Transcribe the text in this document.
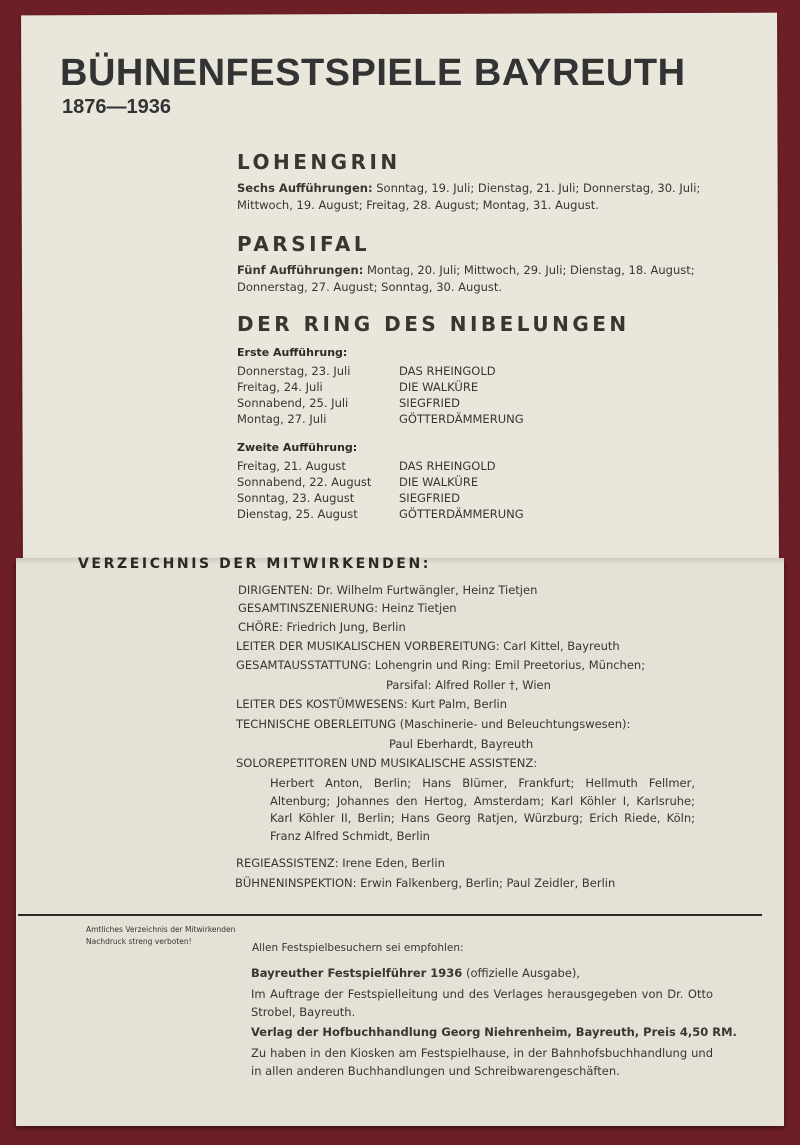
BÜHNENFESTSPIELE BAYREUTH
1876—1936
LOHENGRIN
Sechs Aufführungen: Sonntag, 19. Juli; Dienstag, 21. Juli; Donnerstag, 30. Juli;
Mittwoch, 19. August; Freitag, 28. August; Montag, 31. August.
PARSIFAL
Fünf Aufführungen: Montag, 20. Juli; Mittwoch, 29. Juli; Dienstag, 18. August;
Donnerstag, 27. August; Sonntag, 30. August.
DER RING DES NIBELUNGEN
Erste Aufführung:
Donnerstag, 23. Juli	DAS RHEINGOLD
Freitag, 24. Juli	DIE WALKÜRE
Sonnabend, 25. Juli	SIEGFRIED
Montag, 27. Juli	GÖTTERDÄMMERUNG
Zweite Aufführung:
Freitag, 21. August	DAS RHEINGOLD
Sonnabend, 22. August	DIE WALKÜRE
Sonntag, 23. August	SIEGFRIED
Dienstag, 25. August	GÖTTERDÄMMERUNG
VERZEICHNIS DER MITWIRKENDEN:
DIRIGENTEN: Dr. Wilhelm Furtwängler, Heinz Tietjen
GESAMTINSZENIERUNG: Heinz Tietjen
CHÖRE: Friedrich Jung, Berlin
LEITER DER MUSIKALISCHEN VORBEREITUNG: Carl Kittel, Bayreuth
GESAMTAUSSTATTUNG: Lohengrin und Ring: Emil Preetorius, München;
Parsifal: Alfred Roller †, Wien
LEITER DES KOSTÜMWESENS: Kurt Palm, Berlin
TECHNISCHE OBERLEITUNG (Maschinerie- und Beleuchtungswesen):
Paul Eberhardt, Bayreuth
SOLOREPETITOREN UND MUSIKALISCHE ASSISTENZ:
Herbert Anton, Berlin; Hans Blümer, Frankfurt; Hellmuth Fellmer, Altenburg; Johannes den Hertog, Amsterdam; Karl Köhler I, Karlsruhe; Karl Köhler II, Berlin; Hans Georg Ratjen, Würzburg; Erich Riede, Köln; Franz Alfred Schmidt, Berlin
REGIEASSISTENZ: Irene Eden, Berlin
BÜHNENINSPEKTION: Erwin Falkenberg, Berlin; Paul Zeidler, Berlin
Amtliches Verzeichnis der Mitwirkenden
Nachdruck streng verboten!
Allen Festspielbesuchern sei empfohlen:
Bayreuther Festspielführer 1936 (offizielle Ausgabe),
Im Auftrage der Festspielleitung und des Verlages herausgegeben von Dr. Otto Strobel, Bayreuth.
Verlag der Hofbuchhandlung Georg Niehrenheim, Bayreuth, Preis 4,50 RM.
Zu haben in den Kiosken am Festspielhause, in der Bahnhofsbuchhandlung und in allen anderen Buchhandlungen und Schreibwarengeschäften.
